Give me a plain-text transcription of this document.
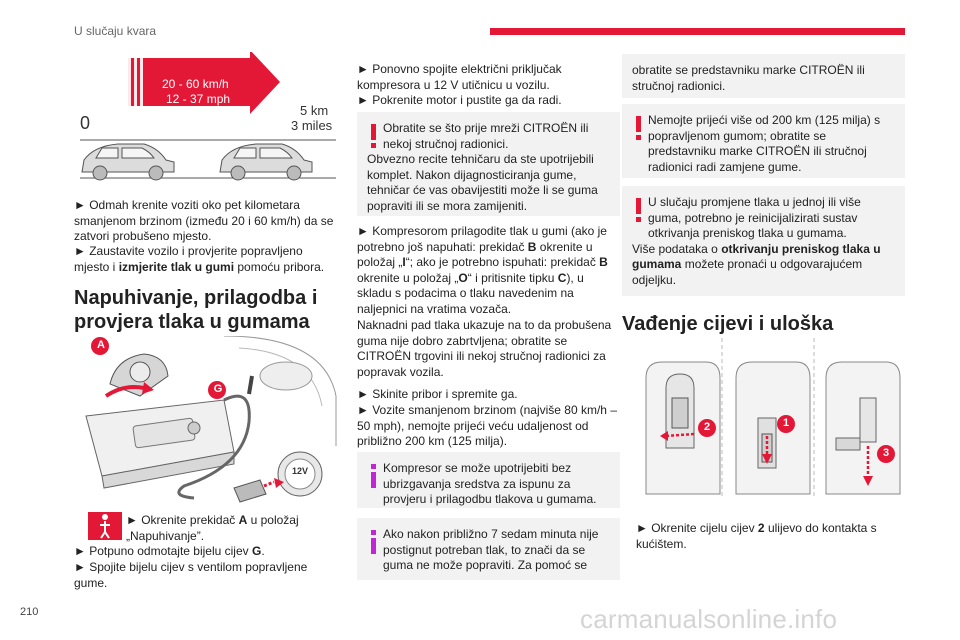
U slučaju kvara
20 - 60 km/h
12 - 37 mph
0
5 km
3 miles
► Odmah krenite voziti oko pet kilometara smanjenom brzinom (između 20 i 60 km/h) da se zatvori probušeno mjesto.
► Zaustavite vozilo i provjerite popravljeno mjesto i izmjerite tlak u gumi pomoću pribora.
Napuhivanje, prilagodba i provjera tlaka u gumama
A
G
12V
► Okrenite prekidač A u položaj „Napuhivanje”.
► Potpuno odmotajte bijelu cijev G.
► Spojite bijelu cijev s ventilom popravljene gume.
► Ponovno spojite električni priključak kompresora u 12 V utičnicu u vozilu.
► Pokrenite motor i pustite ga da radi.
Obratite se što prije mreži CITROËN ili nekoj stručnoj radionici.
Obvezno recite tehničaru da ste upotrijebili komplet. Nakon dijagnosticiranja gume, tehničar će vas obavijestiti može li se guma popraviti ili se mora zamijeniti.
► Kompresorom prilagodite tlak u gumi (ako je potrebno još napuhati: prekidač B okrenite u položaj „I“; ako je potrebno ispuhati: prekidač B okrenite u položaj „O“ i pritisnite tipku C), u skladu s podacima o tlaku navedenim na naljepnici na vratima vozača.
Naknadni pad tlaka ukazuje na to da probušena guma nije dobro zabrtvljena; obratite se CITROËN trgovini ili nekoj stručnoj radionici za popravak vozila.
► Skinite pribor i spremite ga.
► Vozite smanjenom brzinom (najviše 80 km/h – 50 mph), nemojte prijeći veću udaljenost od približno 200 km (125 milja).
Kompresor se može upotrijebiti bez ubrizgavanja sredstva za ispunu za provjeru i prilagodbu tlakova u gumama.
Ako nakon približno 7 sedam minuta nije postignut potreban tlak, to znači da se guma ne može popraviti. Za pomoć se
obratite se predstavniku marke CITROËN ili stručnoj radionici.
Nemojte prijeći više od 200 km (125 milja) s popravljenom gumom; obratite se predstavniku marke CITROËN ili stručnoj radionici radi zamjene gume.
U slučaju promjene tlaka u jednoj ili više guma, potrebno je reinicijalizirati sustav otkrivanja preniskog tlaka u gumama.
Više podataka o otkrivanju preniskog tlaka u gumama možete pronaći u odgovarajućem odjeljku.
Vađenje cijevi i uloška
2	1
3
► Okrenite cijelu cijev 2 ulijevo do kontakta s kućištem.
210	carmanualsonline.info
